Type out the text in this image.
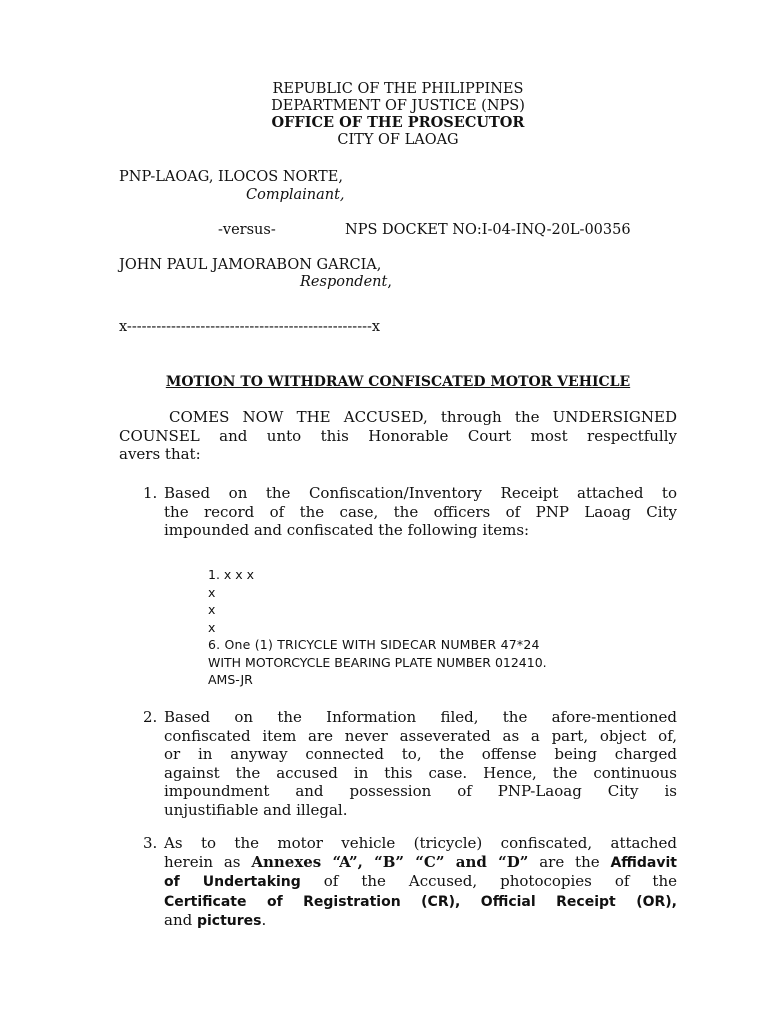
REPUBLIC OF THE PHILIPPINES
DEPARTMENT OF JUSTICE (NPS)
OFFICE OF THE PROSECUTOR
CITY OF LAOAG
PNP-LAOAG, ILOCOS NORTE,
Complainant,
-versus-	NPS DOCKET NO:I-04-INQ-20L-00356
JOHN PAUL JAMORABON GARCIA,
Respondent,
x--------------------------------------------------x
MOTION TO WITHDRAW CONFISCATED MOTOR VEHICLE
COMES NOW THE ACCUSED, through the UNDERSIGNED
COUNSEL and unto this Honorable Court most respectfully
avers that:
1. Based on the Confiscation/Inventory Receipt attached to
the record of the case, the officers of PNP Laoag City
impounded and confiscated the following items:
1. x x x
x
x
x
6. One (1) TRICYCLE WITH SIDECAR NUMBER 47*24
WITH MOTORCYCLE BEARING PLATE NUMBER 012410.
AMS-JR
2. Based on the Information filed, the afore-mentioned
confiscated item are never asseverated as a part, object of,
or in anyway connected to, the offense being charged
against the accused in this case. Hence, the continuous
impoundment and possession of PNP-Laoag City is
unjustifiable and illegal.
3. As to the motor vehicle (tricycle) confiscated, attached
herein as Annexes “A”, “B” “C” and “D” are the Affidavit
of Undertaking of the Accused, photocopies of the
Certificate of Registration (CR), Official Receipt (OR),
and pictures.
